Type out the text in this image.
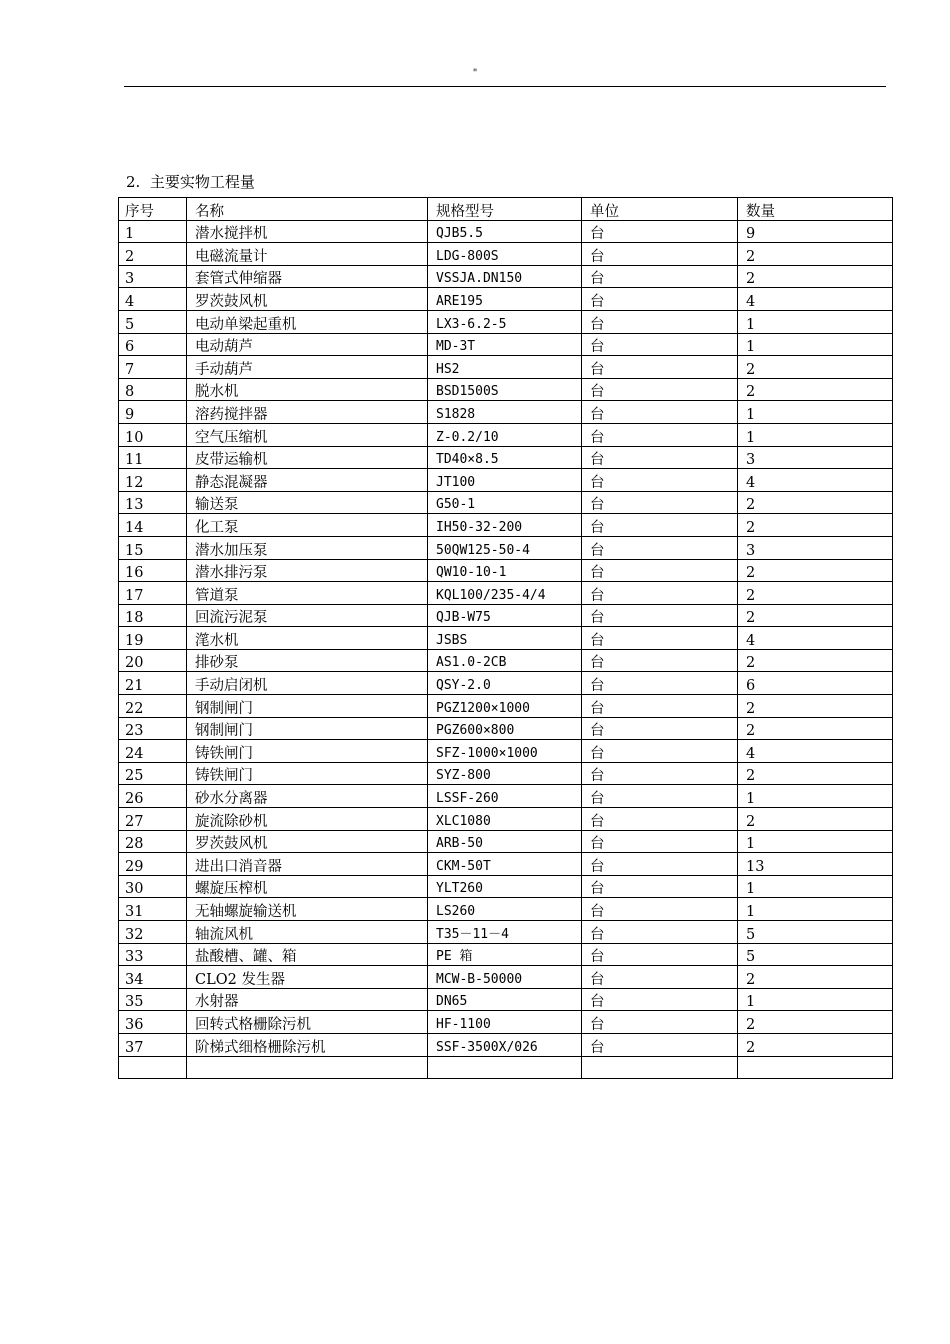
"
2.  主要实物工程量
序号	名称	规格型号	单位	数量
1	潜水搅拌机	QJB5.5	台	9
2	电磁流量计	LDG-800S	台	2
3	套管式伸缩器	VSSJA.DN150	台	2
4	罗茨鼓风机	ARE195	台	4
5	电动单梁起重机	LX3-6.2-5	台	1
6	电动葫芦	MD-3T	台	1
7	手动葫芦	HS2	台	2
8	脱水机	BSD1500S	台	2
9	溶药搅拌器	S1828	台	1
10	空气压缩机	Z-0.2/10	台	1
11	皮带运输机	TD40×8.5	台	3
12	静态混凝器	JT100	台	4
13	输送泵	G50-1	台	2
14	化工泵	IH50-32-200	台	2
15	潜水加压泵	50QW125-50-4	台	3
16	潜水排污泵	QW10-10-1	台	2
17	管道泵	KQL100/235-4/4	台	2
18	回流污泥泵	QJB-W75	台	2
19	滗水机	JSBS	台	4
20	排砂泵	AS1.0-2CB	台	2
21	手动启闭机	QSY-2.0	台	6
22	钢制闸门	PGZ1200×1000	台	2
23	钢制闸门	PGZ600×800	台	2
24	铸铁闸门	SFZ-1000×1000	台	4
25	铸铁闸门	SYZ-800	台	2
26	砂水分离器	LSSF-260	台	1
27	旋流除砂机	XLC1080	台	2
28	罗茨鼓风机	ARB-50	台	1
29	进出口消音器	CKM-50T	台	13
30	螺旋压榨机	YLT260	台	1
31	无轴螺旋输送机	LS260	台	1
32	轴流风机	T35－11－4	台	5
33	盐酸槽、罐、箱	PE 箱	台	5
34	CLO2 发生器	MCW-B-50000	台	2
35	水射器	DN65	台	1
36	回转式格栅除污机	HF-1100	台	2
37	阶梯式细格栅除污机	SSF-3500X/026	台	2
